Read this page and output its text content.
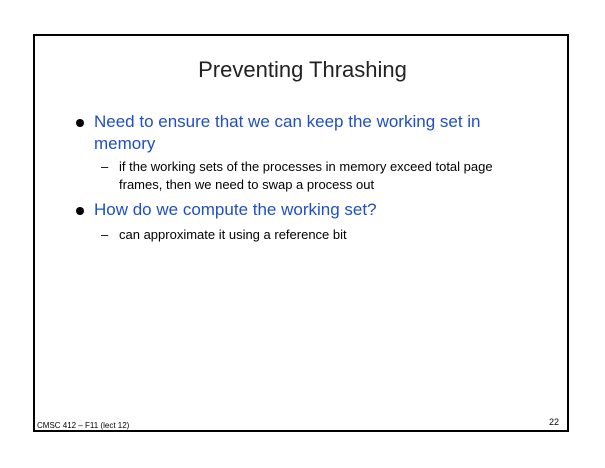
Preventing Thrashing
Need to ensure that we can keep the working set in memory
– if the working sets of the processes in memory exceed total page frames, then we need to swap a process out
How do we compute the working set?
– can approximate it using a reference bit
CMSC 412 – F11 (lect 12)	22
